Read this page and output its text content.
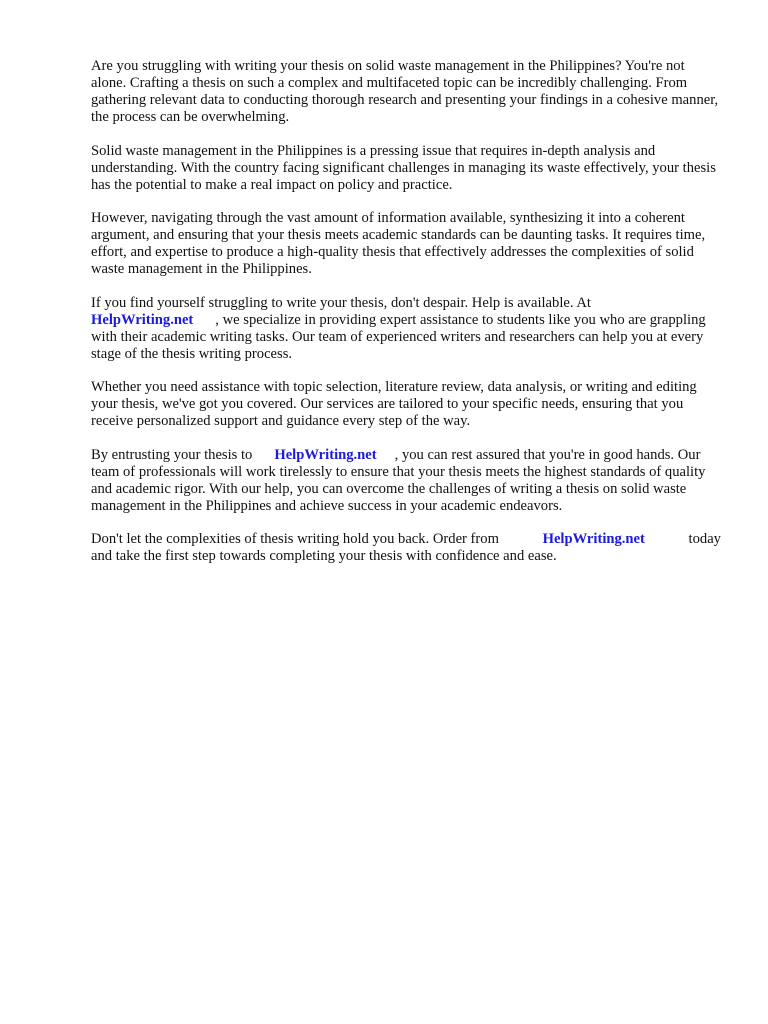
Are you struggling with writing your thesis on solid waste management in the Philippines? You're not alone. Crafting a thesis on such a complex and multifaceted topic can be incredibly challenging. From gathering relevant data to conducting thorough research and presenting your findings in a cohesive manner, the process can be overwhelming.

Solid waste management in the Philippines is a pressing issue that requires in-depth analysis and understanding. With the country facing significant challenges in managing its waste effectively, your thesis has the potential to make a real impact on policy and practice.

However, navigating through the vast amount of information available, synthesizing it into a coherent argument, and ensuring that your thesis meets academic standards can be daunting tasks. It requires time, effort, and expertise to produce a high-quality thesis that effectively addresses the complexities of solid waste management in the Philippines.

If you find yourself struggling to write your thesis, don't despair. Help is available. At
HelpWriting.net , we specialize in providing expert assistance to students like you who are grappling with their academic writing tasks. Our team of experienced writers and researchers can help you at every stage of the thesis writing process.

Whether you need assistance with topic selection, literature review, data analysis, or writing and editing your thesis, we've got you covered. Our services are tailored to your specific needs, ensuring that you receive personalized support and guidance every step of the way.

By entrusting your thesis to HelpWriting.net , you can rest assured that you're in good hands. Our team of professionals will work tirelessly to ensure that your thesis meets the highest standards of quality and academic rigor. With our help, you can overcome the challenges of writing a thesis on solid waste management in the Philippines and achieve success in your academic endeavors.

Don't let the complexities of thesis writing hold you back. Order from	HelpWriting.net	today
and take the first step towards completing your thesis with confidence and ease.
